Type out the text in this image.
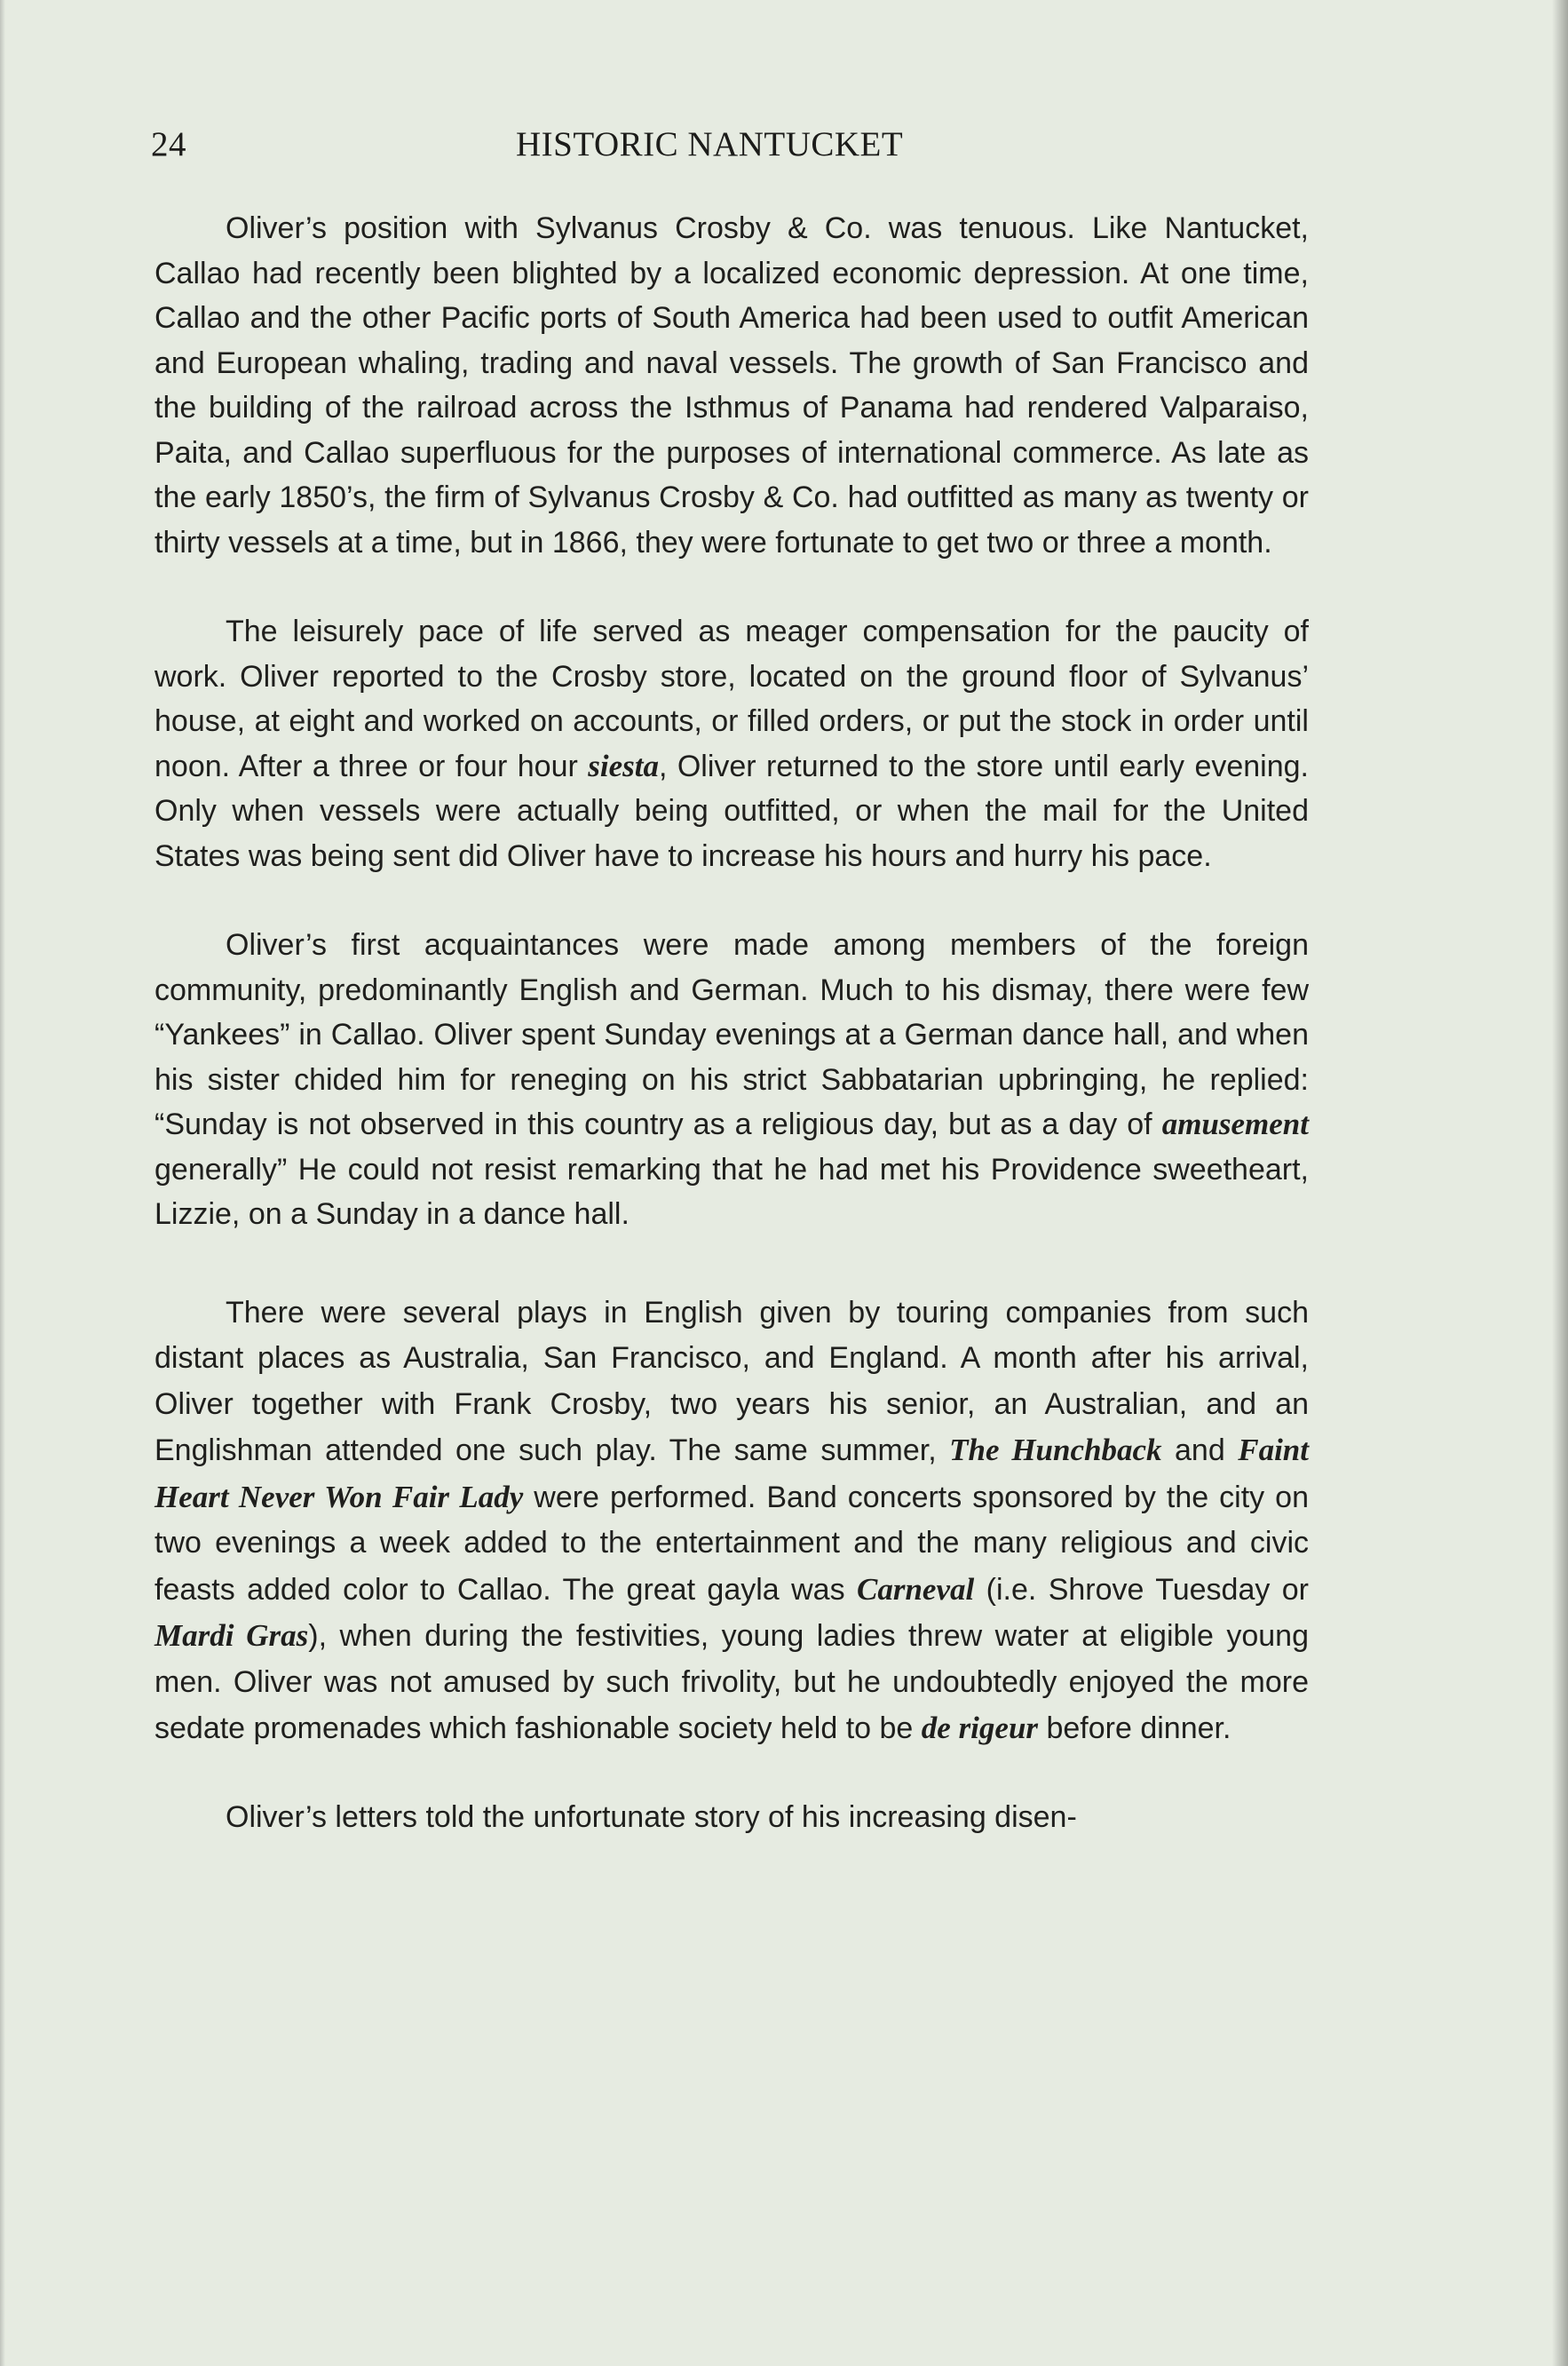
24	HISTORIC NANTUCKET

Oliver’s position with Sylvanus Crosby & Co. was tenuous. Like Nantucket, Callao had recently been blighted by a localized economic depression. At one time, Callao and the other Pacific ports of South America had been used to outfit American and European whaling, trading and naval vessels. The growth of San Francisco and the building of the railroad across the Isthmus of Panama had rendered Valparaiso, Paita, and Callao superfluous for the purposes of international commerce. As late as the early 1850’s, the firm of Sylvanus Crosby & Co. had outfitted as many as twenty or thirty vessels at a time, but in 1866, they were fortunate to get two or three a month.

The leisurely pace of life served as meager compensation for the paucity of work. Oliver reported to the Crosby store, located on the ground floor of Sylvanus’ house, at eight and worked on accounts, or filled orders, or put the stock in order until noon. After a three or four hour siesta, Oliver returned to the store until early evening. Only when vessels were actually being outfitted, or when the mail for the United States was being sent did Oliver have to increase his hours and hurry his pace.

Oliver’s first acquaintances were made among members of the foreign community, predominantly English and German. Much to his dismay, there were few “Yankees” in Callao. Oliver spent Sunday evenings at a German dance hall, and when his sister chided him for reneging on his strict Sabbatarian upbringing, he replied: “Sunday is not observed in this country as a religious day, but as a day of amusement generally” He could not resist remarking that he had met his Providence sweetheart, Lizzie, on a Sunday in a dance hall.

There were several plays in English given by touring companies from such distant places as Australia, San Francisco, and England. A month after his arrival, Oliver together with Frank Crosby, two years his senior, an Australian, and an Englishman attended one such play. The same summer, The Hunchback and Faint Heart Never Won Fair Lady were performed. Band concerts sponsored by the city on two evenings a week added to the entertainment and the many religious and civic feasts added color to Callao. The great gayla was Carneval (i.e. Shrove Tuesday or Mardi Gras), when during the festivities, young ladies threw water at eligible young men. Oliver was not amused by such frivolity, but he undoubtedly enjoyed the more sedate promenades which fashionable society held to be de rigeur before dinner.

Oliver’s letters told the unfortunate story of his increasing disen-
